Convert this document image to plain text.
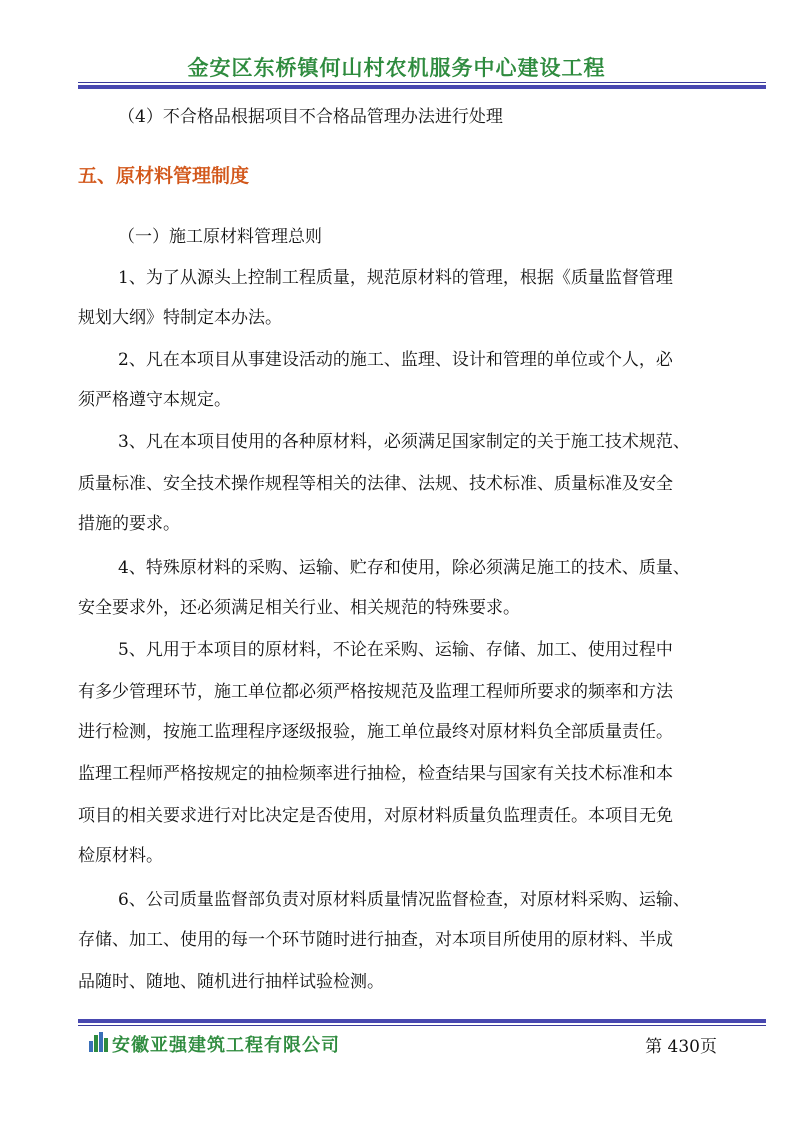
金安区东桥镇何山村农机服务中心建设工程
（4）不合格品根据项目不合格品管理办法进行处理
五、原材料管理制度
（一）施工原材料管理总则
1、为了从源头上控制工程质量，规范原材料的管理，根据《质量监督管理
规划大纲》特制定本办法。
2、凡在本项目从事建设活动的施工、监理、设计和管理的单位或个人，必
须严格遵守本规定。
3、凡在本项目使用的各种原材料，必须满足国家制定的关于施工技术规范、
质量标准、安全技术操作规程等相关的法律、法规、技术标准、质量标准及安全
措施的要求。
4、特殊原材料的采购、运输、贮存和使用，除必须满足施工的技术、质量、
安全要求外，还必须满足相关行业、相关规范的特殊要求。
5、凡用于本项目的原材料，不论在采购、运输、存储、加工、使用过程中
有多少管理环节，施工单位都必须严格按规范及监理工程师所要求的频率和方法
进行检测，按施工监理程序逐级报验，施工单位最终对原材料负全部质量责任。
监理工程师严格按规定的抽检频率进行抽检，检查结果与国家有关技术标准和本
项目的相关要求进行对比决定是否使用，对原材料质量负监理责任。本项目无免
检原材料。
6、公司质量监督部负责对原材料质量情况监督检查，对原材料采购、运输、
存储、加工、使用的每一个环节随时进行抽查，对本项目所使用的原材料、半成
品随时、随地、随机进行抽样试验检测。
安徽亚强建筑工程有限公司	第 430页
